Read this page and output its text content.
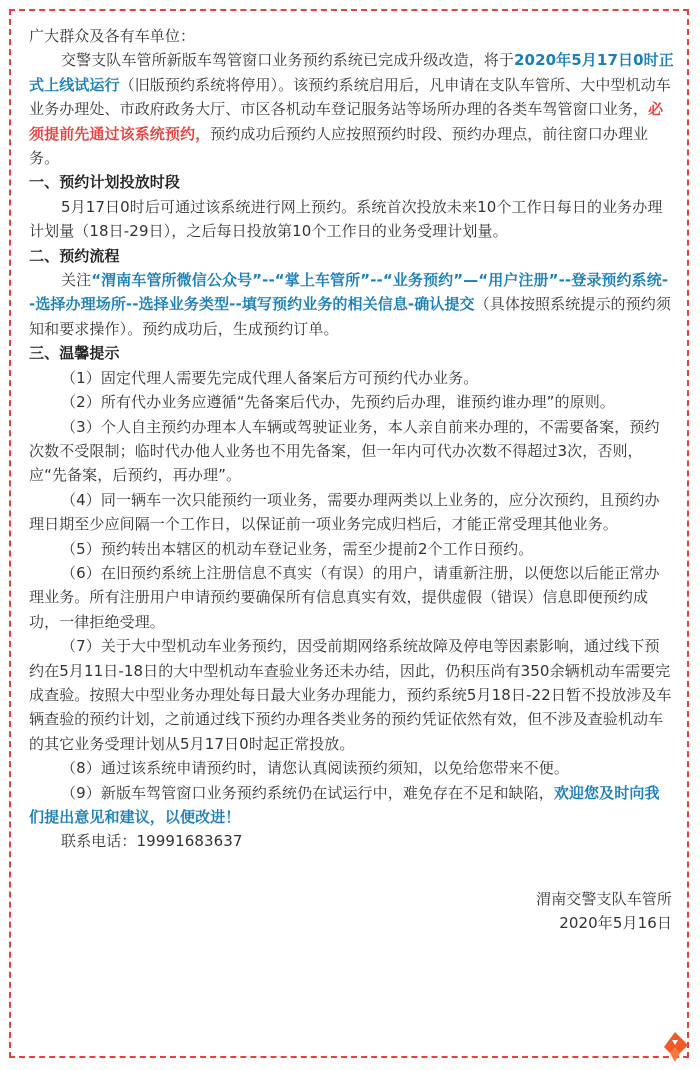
广大群众及各有车单位：

交警支队车管所新版车驾管窗口业务预约系统已完成升级改造，将于2020年5月17日0时正式上线试运行（旧版预约系统将停用）。该预约系统启用后，凡申请在支队车管所、大中型机动车业务办理处、市政府政务大厅、市区各机动车登记服务站等场所办理的各类车驾管窗口业务，必须提前先通过该系统预约，预约成功后预约人应按照预约时段、预约办理点，前往窗口办理业务。

一、预约计划投放时段

5月17日0时后可通过该系统进行网上预约。系统首次投放未来10个工作日每日的业务办理计划量（18日-29日），之后每日投放第10个工作日的业务受理计划量。

二、预约流程

关注“渭南车管所微信公众号”--“掌上车管所”--“业务预约”—“用户注册”--登录预约系统--选择办理场所--选择业务类型--填写预约业务的相关信息-确认提交（具体按照系统提示的预约须知和要求操作）。预约成功后，生成预约订单。

三、温馨提示

（1）固定代理人需要先完成代理人备案后方可预约代办业务。

（2）所有代办业务应遵循“先备案后代办，先预约后办理，谁预约谁办理”的原则。

（3）个人自主预约办理本人车辆或驾驶证业务，本人亲自前来办理的，不需要备案，预约次数不受限制；临时代办他人业务也不用先备案，但一年内可代办次数不得超过3次，否则，应“先备案，后预约，再办理”。

（4）同一辆车一次只能预约一项业务，需要办理两类以上业务的，应分次预约，且预约办理日期至少应间隔一个工作日，以保证前一项业务完成归档后，才能正常受理其他业务。

（5）预约转出本辖区的机动车登记业务，需至少提前2个工作日预约。

（6）在旧预约系统上注册信息不真实（有误）的用户，请重新注册，以便您以后能正常办理业务。所有注册用户申请预约要确保所有信息真实有效，提供虚假（错误）信息即便预约成功，一律拒绝受理。

（7）关于大中型机动车业务预约，因受前期网络系统故障及停电等因素影响，通过线下预约在5月11日-18日的大中型机动车查验业务还未办结，因此，仍积压尚有350余辆机动车需要完成查验。按照大中型业务办理处每日最大业务办理能力，预约系统5月18日-22日暂不投放涉及车辆查验的预约计划，之前通过线下预约办理各类业务的预约凭证依然有效，但不涉及查验机动车的其它业务受理计划从5月17日0时起正常投放。

（8）通过该系统申请预约时，请您认真阅读预约须知，以免给您带来不便。

（9）新版车驾管窗口业务预约系统仍在试运行中，难免存在不足和缺陷，欢迎您及时向我们提出意见和建议，以便改进！

联系电话：19991683637

渭南交警支队车管所

2020年5月16日
